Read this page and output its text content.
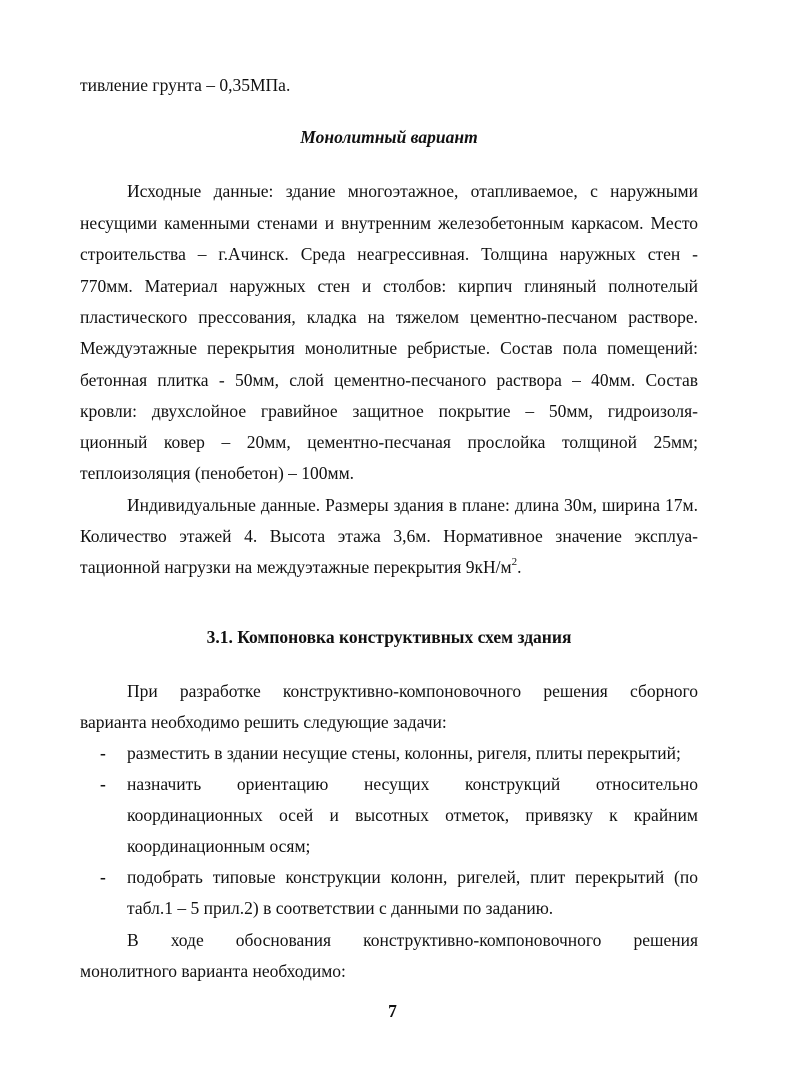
тивление грунта – 0,35МПа.

Монолитный вариант

Исходные данные: здание многоэтажное, отапливаемое, с наружными

несущими каменными стенами и внутренним железобетонным каркасом. Место

строительства – г.Ачинск. Среда неагрессивная. Толщина наружных стен -

770мм. Материал наружных стен и столбов: кирпич глиняный полнотелый

пластического прессования, кладка на тяжелом цементно-песчаном растворе.

Междуэтажные перекрытия монолитные ребристые. Состав пола помещений:

бетонная плитка - 50мм, слой цементно-песчаного раствора – 40мм. Состав

кровли: двухслойное гравийное защитное покрытие – 50мм, гидроизоля-

ционный ковер – 20мм, цементно-песчаная прослойка толщиной 25мм;

теплоизоляция (пенобетон) – 100мм.

Индивидуальные данные. Размеры здания в плане: длина 30м, ширина 17м.

Количество этажей 4. Высота этажа 3,6м. Нормативное значение эксплуа-

тационной нагрузки на междуэтажные перекрытия $9кН/м^2$.

3.1. Компоновка конструктивных схем здания

При разработке конструктивно-компоновочного решения сборного

варианта необходимо решить следующие задачи:

- разместить в здании несущие стены, колонны, ригеля, плиты перекрытий;

- назначить ориентацию несущих конструкций относительно

координационных осей и высотных отметок, привязку к крайним

координационным осям;

- подобрать типовые конструкции колонн, ригелей, плит перекрытий (по

табл.1 – 5 прил.2) в соответствии с данными по заданию.

В ходе обоснования конструктивно-компоновочного решения

монолитного варианта необходимо:

7
